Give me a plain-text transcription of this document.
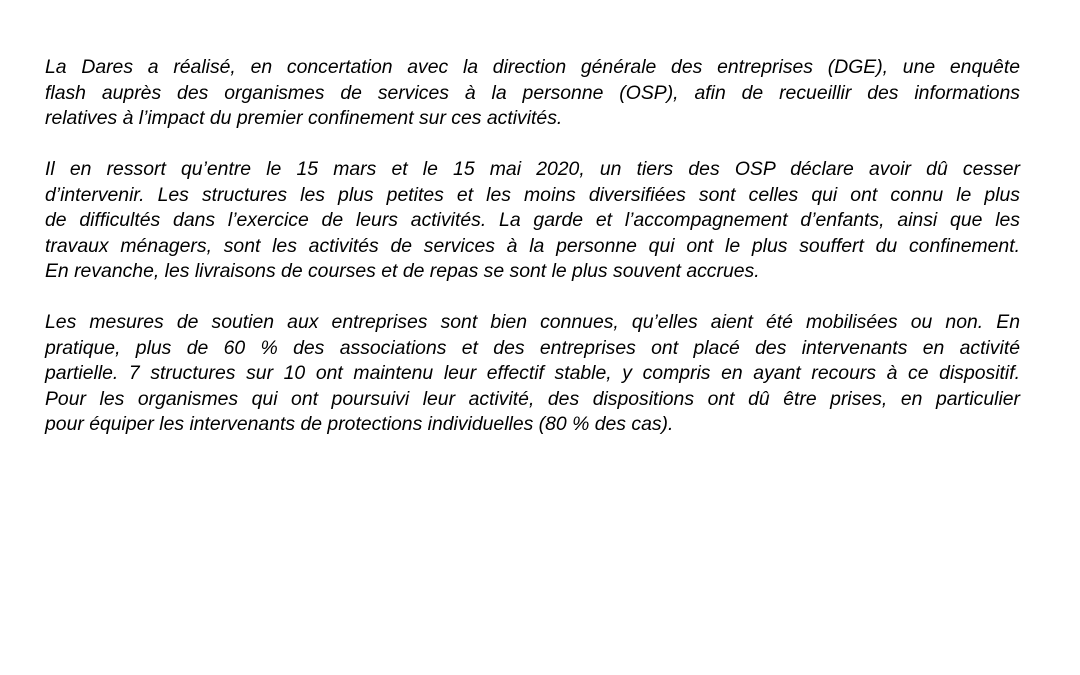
La Dares a réalisé, en concertation avec la direction générale des entreprises (DGE), une enquête
flash auprès des organismes de services à la personne (OSP), afin de recueillir des informations
relatives à l’impact du premier confinement sur ces activités.

Il en ressort qu’entre le 15 mars et le 15 mai 2020, un tiers des OSP déclare avoir dû cesser
d’intervenir. Les structures les plus petites et les moins diversifiées sont celles qui ont connu le plus
de difficultés dans l’exercice de leurs activités. La garde et l’accompagnement d’enfants, ainsi que les
travaux ménagers, sont les activités de services à la personne qui ont le plus souffert du confinement.
En revanche, les livraisons de courses et de repas se sont le plus souvent accrues.

Les mesures de soutien aux entreprises sont bien connues, qu’elles aient été mobilisées ou non. En
pratique, plus de 60 % des associations et des entreprises ont placé des intervenants en activité
partielle. 7 structures sur 10 ont maintenu leur effectif stable, y compris en ayant recours à ce dispositif.
Pour les organismes qui ont poursuivi leur activité, des dispositions ont dû être prises, en particulier
pour équiper les intervenants de protections individuelles (80 % des cas).
